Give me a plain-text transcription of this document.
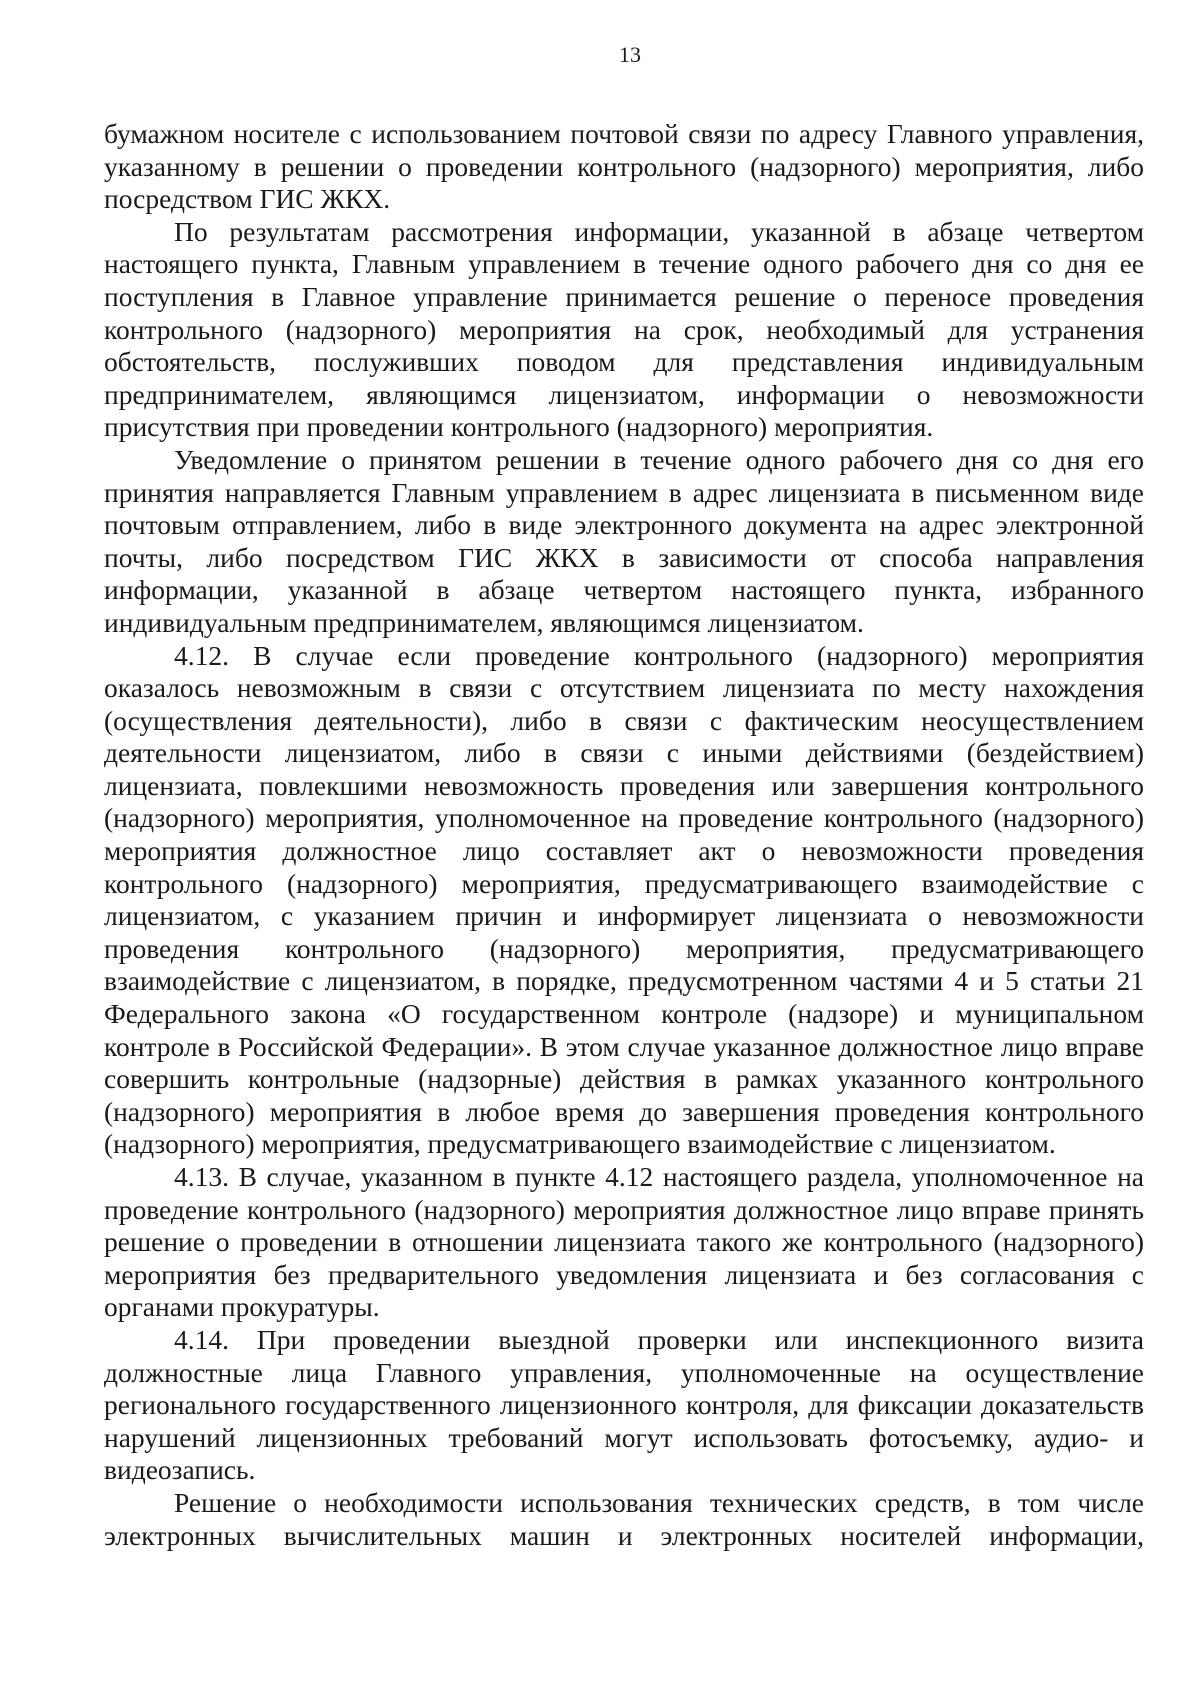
13

бумажном носителе с использованием почтовой связи по адресу Главного управления, указанному в решении о проведении контрольного (надзорного) мероприятия, либо посредством ГИС ЖКХ.

По результатам рассмотрения информации, указанной в абзаце четвертом настоящего пункта, Главным управлением в течение одного рабочего дня со дня ее поступления в Главное управление принимается решение о переносе проведения контрольного (надзорного) мероприятия на срок, необходимый для устранения обстоятельств, послуживших поводом для представления индивидуальным предпринимателем, являющимся лицензиатом, информации о невозможности присутствия при проведении контрольного (надзорного) мероприятия.

Уведомление о принятом решении в течение одного рабочего дня со дня его принятия направляется Главным управлением в адрес лицензиата в письменном виде почтовым отправлением, либо в виде электронного документа на адрес электронной почты, либо посредством ГИС ЖКХ в зависимости от способа направления информации, указанной в абзаце четвертом настоящего пункта, избранного индивидуальным предпринимателем, являющимся лицензиатом.

4.12. В случае если проведение контрольного (надзорного) мероприятия оказалось невозможным в связи с отсутствием лицензиата по месту нахождения (осуществления деятельности), либо в связи с фактическим неосуществлением деятельности лицензиатом, либо в связи с иными действиями (бездействием) лицензиата, повлекшими невозможность проведения или завершения контрольного (надзорного) мероприятия, уполномоченное на проведение контрольного (надзорного) мероприятия должностное лицо составляет акт о невозможности проведения контрольного (надзорного) мероприятия, предусматривающего взаимодействие с лицензиатом, с указанием причин и информирует лицензиата о невозможности проведения контрольного (надзорного) мероприятия, предусматривающего взаимодействие с лицензиатом, в порядке, предусмотренном частями 4 и 5 статьи 21 Федерального закона «О государственном контроле (надзоре) и муниципальном контроле в Российской Федерации». В этом случае указанное должностное лицо вправе совершить контрольные (надзорные) действия в рамках указанного контрольного (надзорного) мероприятия в любое время до завершения проведения контрольного (надзорного) мероприятия, предусматривающего взаимодействие с лицензиатом.

4.13. В случае, указанном в пункте 4.12 настоящего раздела, уполномоченное на проведение контрольного (надзорного) мероприятия должностное лицо вправе принять решение о проведении в отношении лицензиата такого же контрольного (надзорного) мероприятия без предварительного уведомления лицензиата и без согласования с органами прокуратуры.

4.14. При проведении выездной проверки или инспекционного визита должностные лица Главного управления, уполномоченные на осуществление регионального государственного лицензионного контроля, для фиксации доказательств нарушений лицензионных требований могут использовать фотосъемку, аудио- и видеозапись.

Решение о необходимости использования технических средств, в том числе электронных вычислительных машин и электронных носителей информации,
